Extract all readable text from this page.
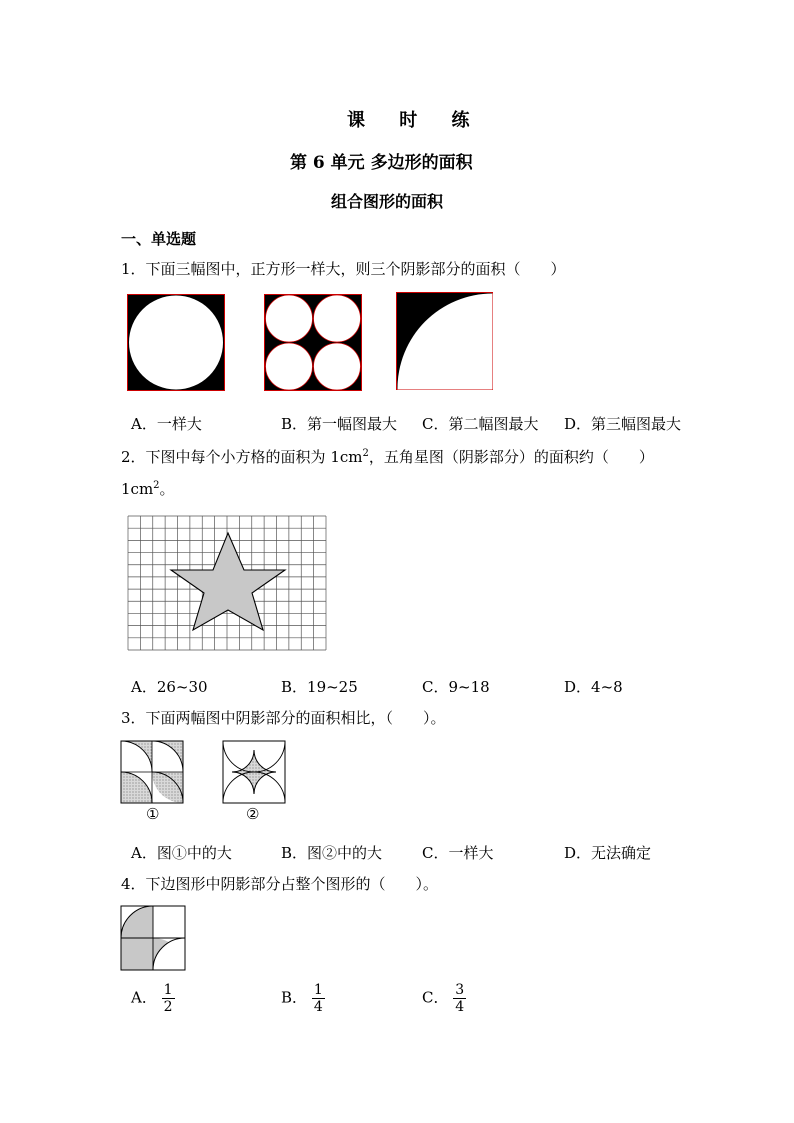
课 时 练
第 6 单元 多边形的面积
组合图形的面积
一、单选题
1．下面三幅图中，正方形一样大，则三个阴影部分的面积（　　）
A．一样大	B．第一幅图最大 C．第二幅图最大 D．第三幅图最大
2．下图中每个小方格的面积为 $1cm^2$，五角星图（阴影部分）的面积约（　　）
$1cm^2$。
A．26~30	B．19~25	C．9~18	D．4~8
3．下面两幅图中阴影部分的面积相比，（　　）。
①	②
A．图①中的大	B．图②中的大	C．一样大	D．无法确定
4．下边图形中阴影部分占整个图形的（　　）。
A． $\frac{1}{2}$	B． $\frac{1}{4}$	C． $\frac{3}{4}$
